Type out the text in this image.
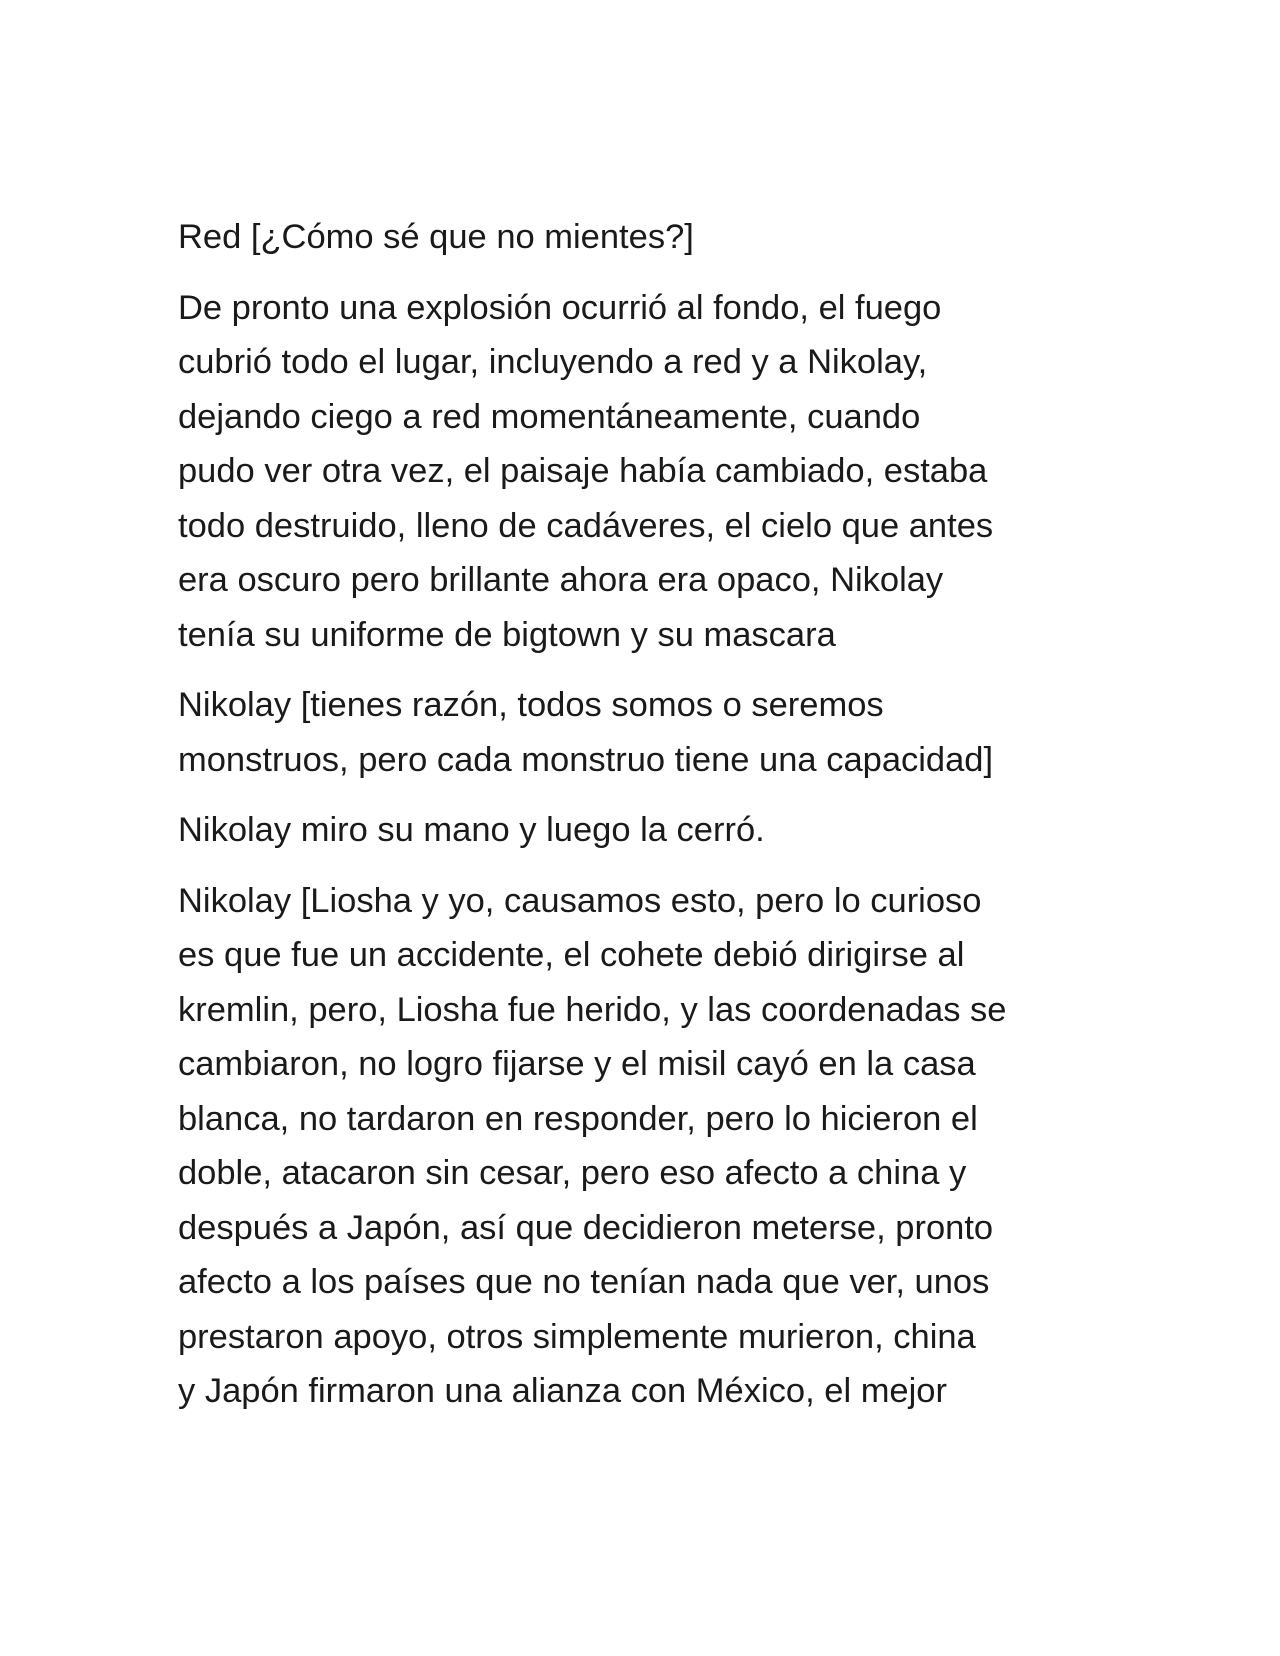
Red [¿Cómo sé que no mientes?]

De pronto una explosión ocurrió al fondo, el fuego
cubrió todo el lugar, incluyendo a red y a Nikolay,
dejando ciego a red momentáneamente, cuando
pudo ver otra vez, el paisaje había cambiado, estaba
todo destruido, lleno de cadáveres, el cielo que antes
era oscuro pero brillante ahora era opaco, Nikolay
tenía su uniforme de bigtown y su mascara

Nikolay [tienes razón, todos somos o seremos
monstruos, pero cada monstruo tiene una capacidad]

Nikolay miro su mano y luego la cerró.

Nikolay [Liosha y yo, causamos esto, pero lo curioso
es que fue un accidente, el cohete debió dirigirse al
kremlin, pero, Liosha fue herido, y las coordenadas se
cambiaron, no logro fijarse y el misil cayó en la casa
blanca, no tardaron en responder, pero lo hicieron el
doble, atacaron sin cesar, pero eso afecto a china y
después a Japón, así que decidieron meterse, pronto
afecto a los países que no tenían nada que ver, unos
prestaron apoyo, otros simplemente murieron, china
y Japón firmaron una alianza con México, el mejor
